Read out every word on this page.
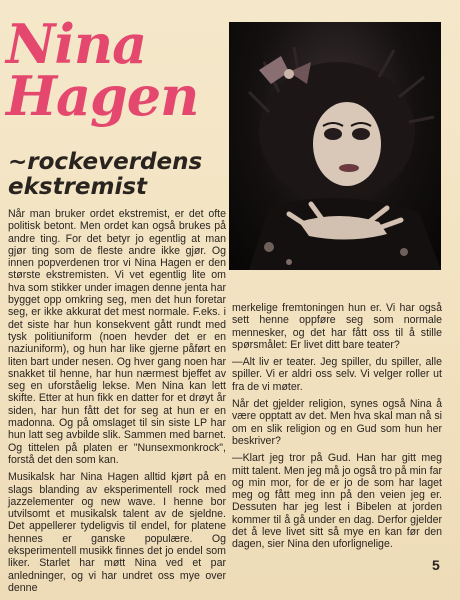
Nina
Hagen
~rockeverdens
ekstremist

Når man bruker ordet ekstremist, er det ofte politisk betont. Men ordet kan også brukes på andre ting. For det betyr jo egentlig at man gjør ting som de fleste andre ikke gjør. Og innen popverdenen tror vi Nina Hagen er den største ekstremisten. Vi vet egentlig lite om hva som stikker under imagen denne jenta har bygget opp omkring seg, men det hun foretar seg, er ikke akkurat det mest normale. F.eks. i det siste har hun konsekvent gått rundt med tysk politiuniform (noen hevder det er en naziuniform), og hun har like gjerne påført en liten bart under nesen. Og hver gang noen har snakket til henne, har hun nærmest bjeffet av seg en uforståelig lekse. Men Nina kan lett skifte. Etter at hun fikk en datter for et drøyt år siden, har hun fått det for seg at hun er en madonna. Og på omslaget til sin siste LP har hun latt seg avbilde slik. Sammen med barnet. Og tittelen på platen er "Nunsexmonkrock", forstå det den som kan.

Musikalsk har Nina Hagen alltid kjørt på en slags blanding av eksperimentell rock med jazzelementer og new wave. I henne bor utvilsomt et musikalsk talent av de sjeldne. Det appellerer tydeligvis til endel, for platene hennes er ganske populære. Og eksperimentell musikk finnes det jo endel som liker. Starlet har møtt Nina ved et par anledninger, og vi har undret oss mye over denne

merkelige fremtoningen hun er. Vi har også sett henne oppføre seg som normale mennesker, og det har fått oss til å stille spørsmålet: Er livet ditt bare teater?

—Alt liv er teater. Jeg spiller, du spiller, alle spiller. Vi er aldri oss selv. Vi velger roller ut fra de vi møter.

Når det gjelder religion, synes også Nina å være opptatt av det. Men hva skal man nå si om en slik religion og en Gud som hun her beskriver?

—Klart jeg tror på Gud. Han har gitt meg mitt talent. Men jeg må jo også tro på min far og min mor, for de er jo de som har laget meg og fått meg inn på den veien jeg er. Dessuten har jeg lest i Bibelen at jorden kommer til å gå under en dag. Derfor gjelder det å leve livet sitt så mye en kan før den dagen, sier Nina den uforlignelige.

5
